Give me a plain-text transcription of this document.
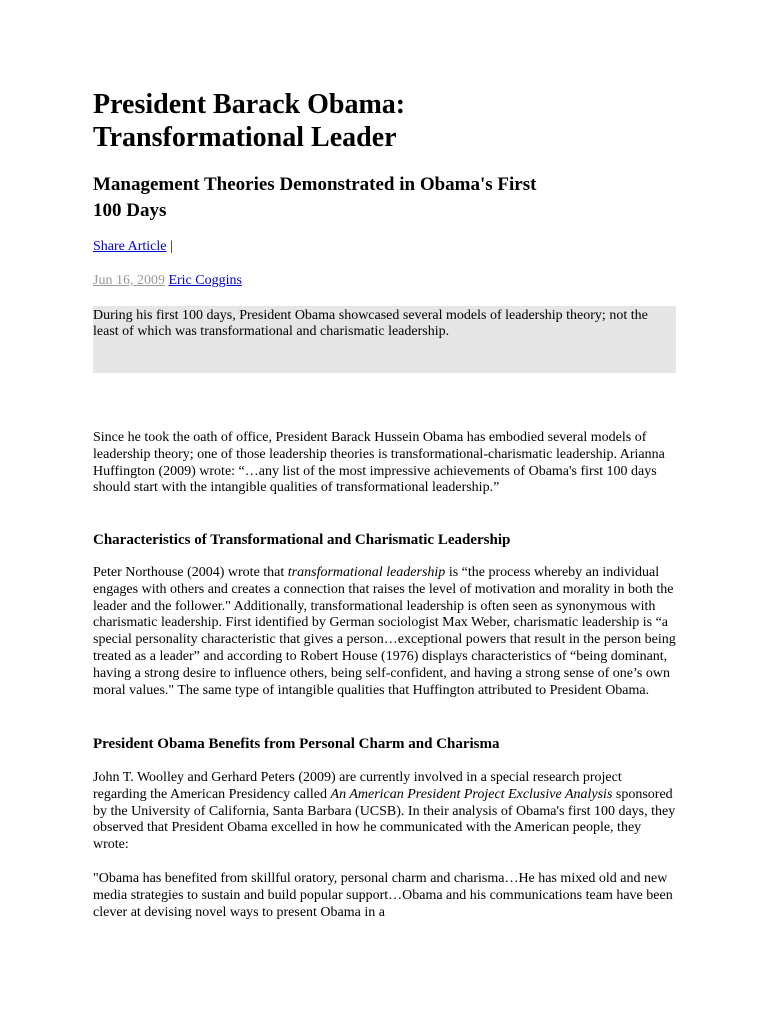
President Barack Obama:
Transformational Leader
Management Theories Demonstrated in Obama's First
100 Days
Share Article |
Jun 16, 2009 Eric Coggins
During his first 100 days, President Obama showcased several models of leadership theory; not the least of which was transformational and charismatic leadership.

Since he took the oath of office, President Barack Hussein Obama has embodied several models of leadership theory; one of those leadership theories is transformational-charismatic leadership. Arianna Huffington (2009) wrote: “…any list of the most impressive achievements of Obama's first 100 days should start with the intangible qualities of transformational leadership.”

Characteristics of Transformational and Charismatic Leadership

Peter Northouse (2004) wrote that transformational leadership is “the process whereby an individual engages with others and creates a connection that raises the level of motivation and morality in both the leader and the follower." Additionally, transformational leadership is often seen as synonymous with charismatic leadership. First identified by German sociologist Max Weber, charismatic leadership is “a special personality characteristic that gives a person…exceptional powers that result in the person being treated as a leader” and according to Robert House (1976) displays characteristics of “being dominant, having a strong desire to influence others, being self-confident, and having a strong sense of one’s own moral values." The same type of intangible qualities that Huffington attributed to President Obama.

President Obama Benefits from Personal Charm and Charisma

John T. Woolley and Gerhard Peters (2009) are currently involved in a special research project regarding the American Presidency called An American President Project Exclusive Analysis sponsored by the University of California, Santa Barbara (UCSB). In their analysis of Obama's first 100 days, they observed that President Obama excelled in how he communicated with the American people, they wrote:

"Obama has benefited from skillful oratory, personal charm and charisma…He has mixed old and new media strategies to sustain and build popular support…Obama and his communications team have been clever at devising novel ways to present Obama in a
